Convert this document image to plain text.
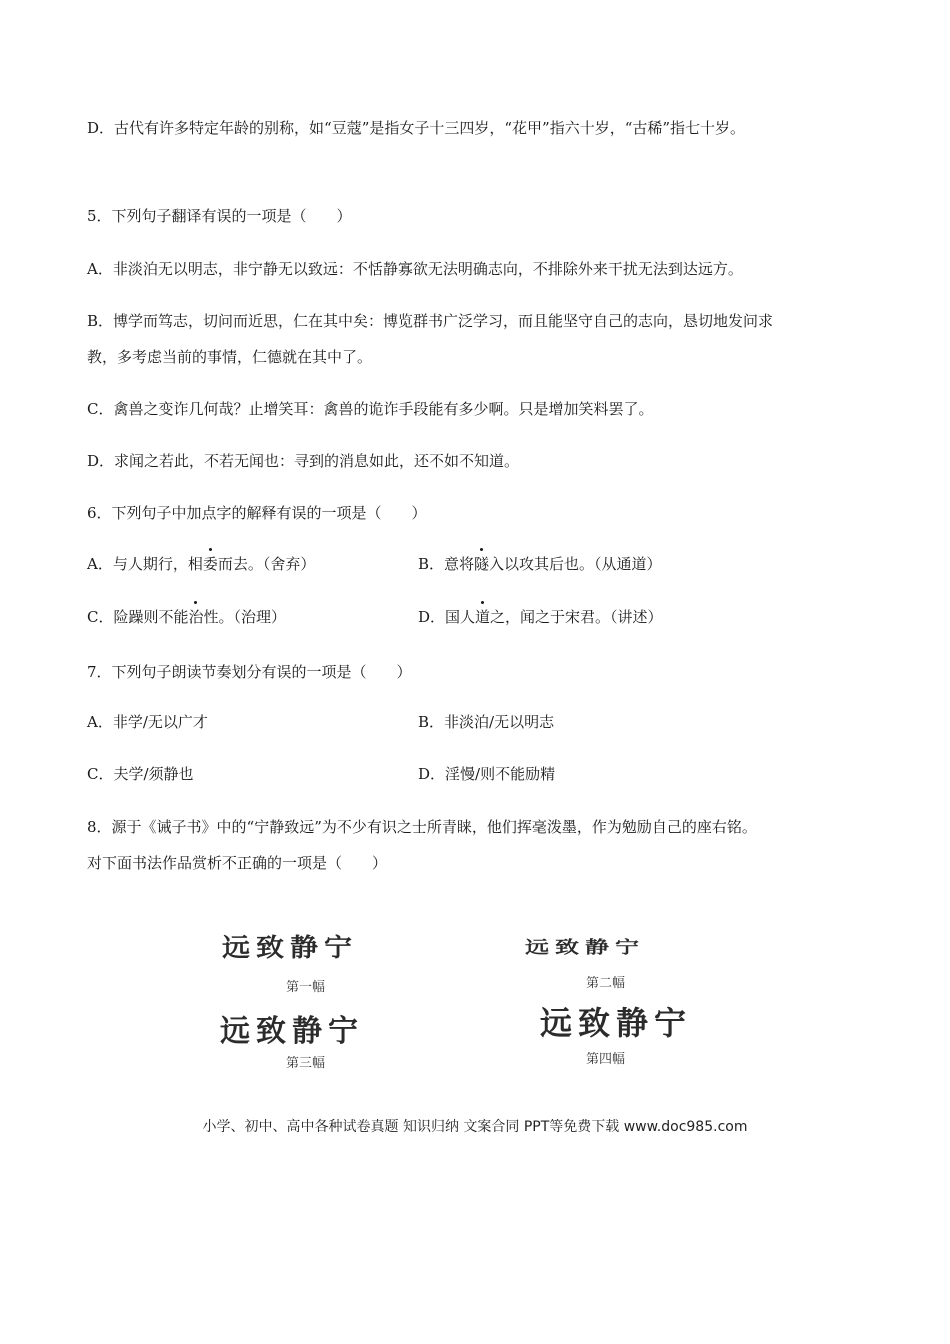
D．古代有许多特定年龄的别称，如“豆蔻”是指女子十三四岁，“花甲”指六十岁，“古稀”指七十岁。
5．下列句子翻译有误的一项是（　　）
A．非淡泊无以明志，非宁静无以致远：不恬静寡欲无法明确志向，不排除外来干扰无法到达远方。
B．博学而笃志，切问而近思，仁在其中矣：博览群书广泛学习，而且能坚守自己的志向，恳切地发问求
教，多考虑当前的事情，仁德就在其中了。
C．禽兽之变诈几何哉？止增笑耳：禽兽的诡诈手段能有多少啊。只是增加笑料罢了。
D．求闻之若此，不若无闻也：寻到的消息如此，还不如不知道。
6．下列句子中加点字的解释有误的一项是（　　）
A．与人期行，相委而去。（舍弃）	B．意将隧入以攻其后也。（从通道）
C．险躁则不能治性。（治理）	D．国人道之，闻之于宋君。（讲述）
7．下列句子朗读节奏划分有误的一项是（　　）
A．非学/无以广才	B．非淡泊/无以明志
C．夫学/须静也	D．淫慢/则不能励精
8．源于《诫子书》中的“宁静致远”为不少有识之士所青睐，他们挥毫泼墨，作为勉励自己的座右铭。
对下面书法作品赏析不正确的一项是（　　）
远致静宁
第一幅
远致静宁
第二幅
远致静宁
第三幅
远致静宁
第四幅
小学、初中、高中各种试卷真题 知识归纳 文案合同 PPT等免费下载 www.doc985.com
